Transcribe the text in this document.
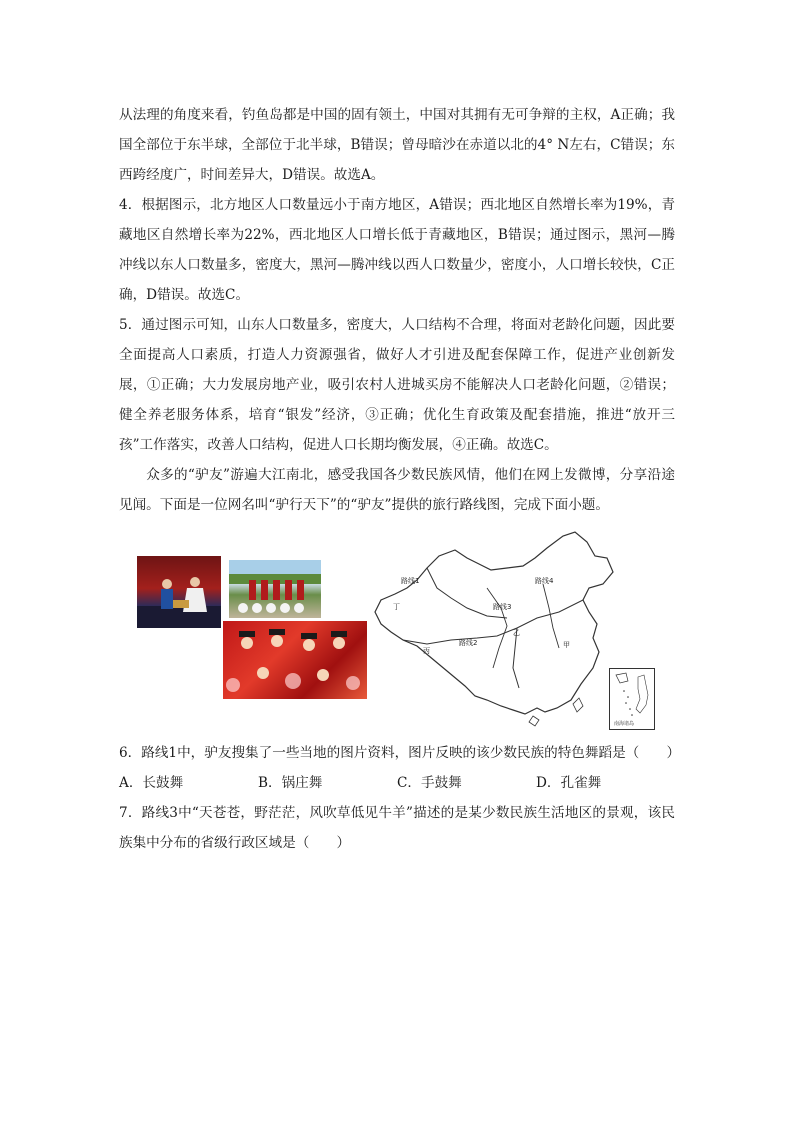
从法理的角度来看，钓鱼岛都是中国的固有领土，中国对其拥有无可争辩的主权，A正确；我国全部位于东半球，全部位于北半球，B错误；曾母暗沙在赤道以北的4° N左右，C错误；东西跨经度广，时间差异大，D错误。故选A。

4．根据图示，北方地区人口数量远小于南方地区，A错误；西北地区自然增长率为19%，青藏地区自然增长率为22%，西北地区人口增长低于青藏地区，B错误；通过图示，黑河—腾冲线以东人口数量多，密度大，黑河—腾冲线以西人口数量少，密度小，人口增长较快，C正确，D错误。故选C。

5．通过图示可知，山东人口数量多，密度大，人口结构不合理，将面对老龄化问题，因此要全面提高人口素质，打造人力资源强省，做好人才引进及配套保障工作，促进产业创新发展，①正确；大力发展房地产业，吸引农村人进城买房不能解决人口老龄化问题，②错误；健全养老服务体系，培育“银发”经济，③正确；优化生育政策及配套措施，推进“放开三孩”工作落实，改善人口结构，促进人口长期均衡发展，④正确。故选C。

众多的“驴友”游遍大江南北，感受我国各少数民族风情，他们在网上发微博，分享沿途见闻。下面是一位网名叫“驴行天下”的“驴友”提供的旅行路线图，完成下面小题。

路线1
路线2
路线3
路线4
丙
乙
甲
丁
南海诸岛

6．路线1中，驴友搜集了一些当地的图片资料，图片反映的该少数民族的特色舞蹈是（　　）

A．长鼓舞	B．锅庄舞	C．手鼓舞	D．孔雀舞

7．路线3中“天苍苍，野茫茫，风吹草低见牛羊”描述的是某少数民族生活地区的景观，该民族集中分布的省级行政区域是（　　）
